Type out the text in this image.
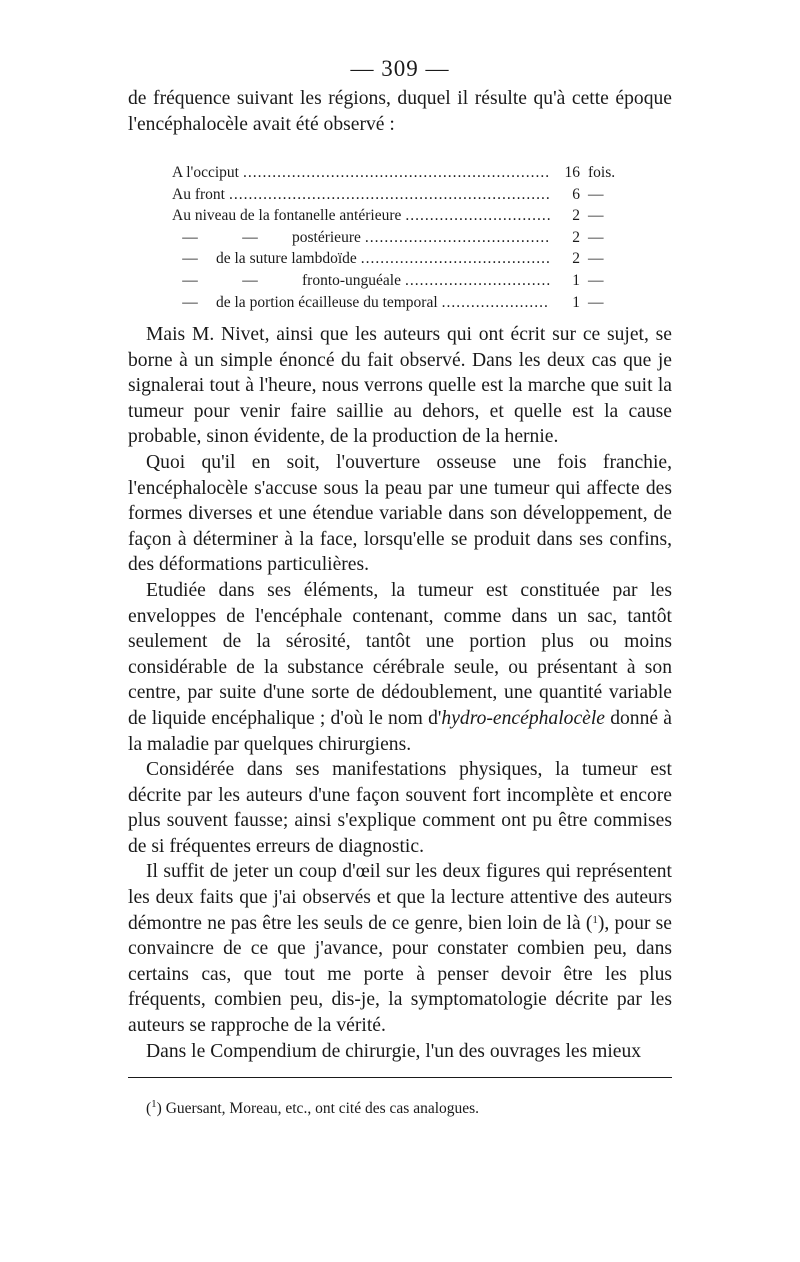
— 309 —

de fréquence suivant les régions, duquel il résulte qu'à cette époque l'encéphalocèle avait été observé :

A l'occiput .....	16 fois.
Au front .....	6 —
Au niveau de la fontanelle antérieure .....	2 —
—	—	postérieure .....	2 —
—	de la suture lambdoïde .....	2 —
—	—	fronto-unguéale .....	1 —
—	de la portion écailleuse du temporal .....	1 —

Mais M. Nivet, ainsi que les auteurs qui ont écrit sur ce sujet, se borne à un simple énoncé du fait observé. Dans les deux cas que je signalerai tout à l'heure, nous verrons quelle est la marche que suit la tumeur pour venir faire saillie au dehors, et quelle est la cause probable, sinon évidente, de la production de la hernie.

Quoi qu'il en soit, l'ouverture osseuse une fois franchie, l'encéphalocèle s'accuse sous la peau par une tumeur qui affecte des formes diverses et une étendue variable dans son développement, de façon à déterminer à la face, lorsqu'elle se produit dans ses confins, des déformations particulières.

Etudiée dans ses éléments, la tumeur est constituée par les enveloppes de l'encéphale contenant, comme dans un sac, tantôt seulement de la sérosité, tantôt une portion plus ou moins considérable de la substance cérébrale seule, ou présentant à son centre, par suite d'une sorte de dédoublement, une quantité variable de liquide encéphalique ; d'où le nom d'hydro-encéphalocèle donné à la maladie par quelques chirurgiens.

Considérée dans ses manifestations physiques, la tumeur est décrite par les auteurs d'une façon souvent fort incomplète et encore plus souvent fausse; ainsi s'explique comment ont pu être commises de si fréquentes erreurs de diagnostic.

Il suffit de jeter un coup d'œil sur les deux figures qui représentent les deux faits que j'ai observés et que la lecture attentive des auteurs démontre ne pas être les seuls de ce genre, bien loin de là ($^1$), pour se convaincre de ce que j'avance, pour constater combien peu, dans certains cas, que tout me porte à penser devoir être les plus fréquents, combien peu, dis-je, la symptomatologie décrite par les auteurs se rapproche de la vérité.

Dans le Compendium de chirurgie, l'un des ouvrages les mieux

($^1$) Guersant, Moreau, etc., ont cité des cas analogues.
